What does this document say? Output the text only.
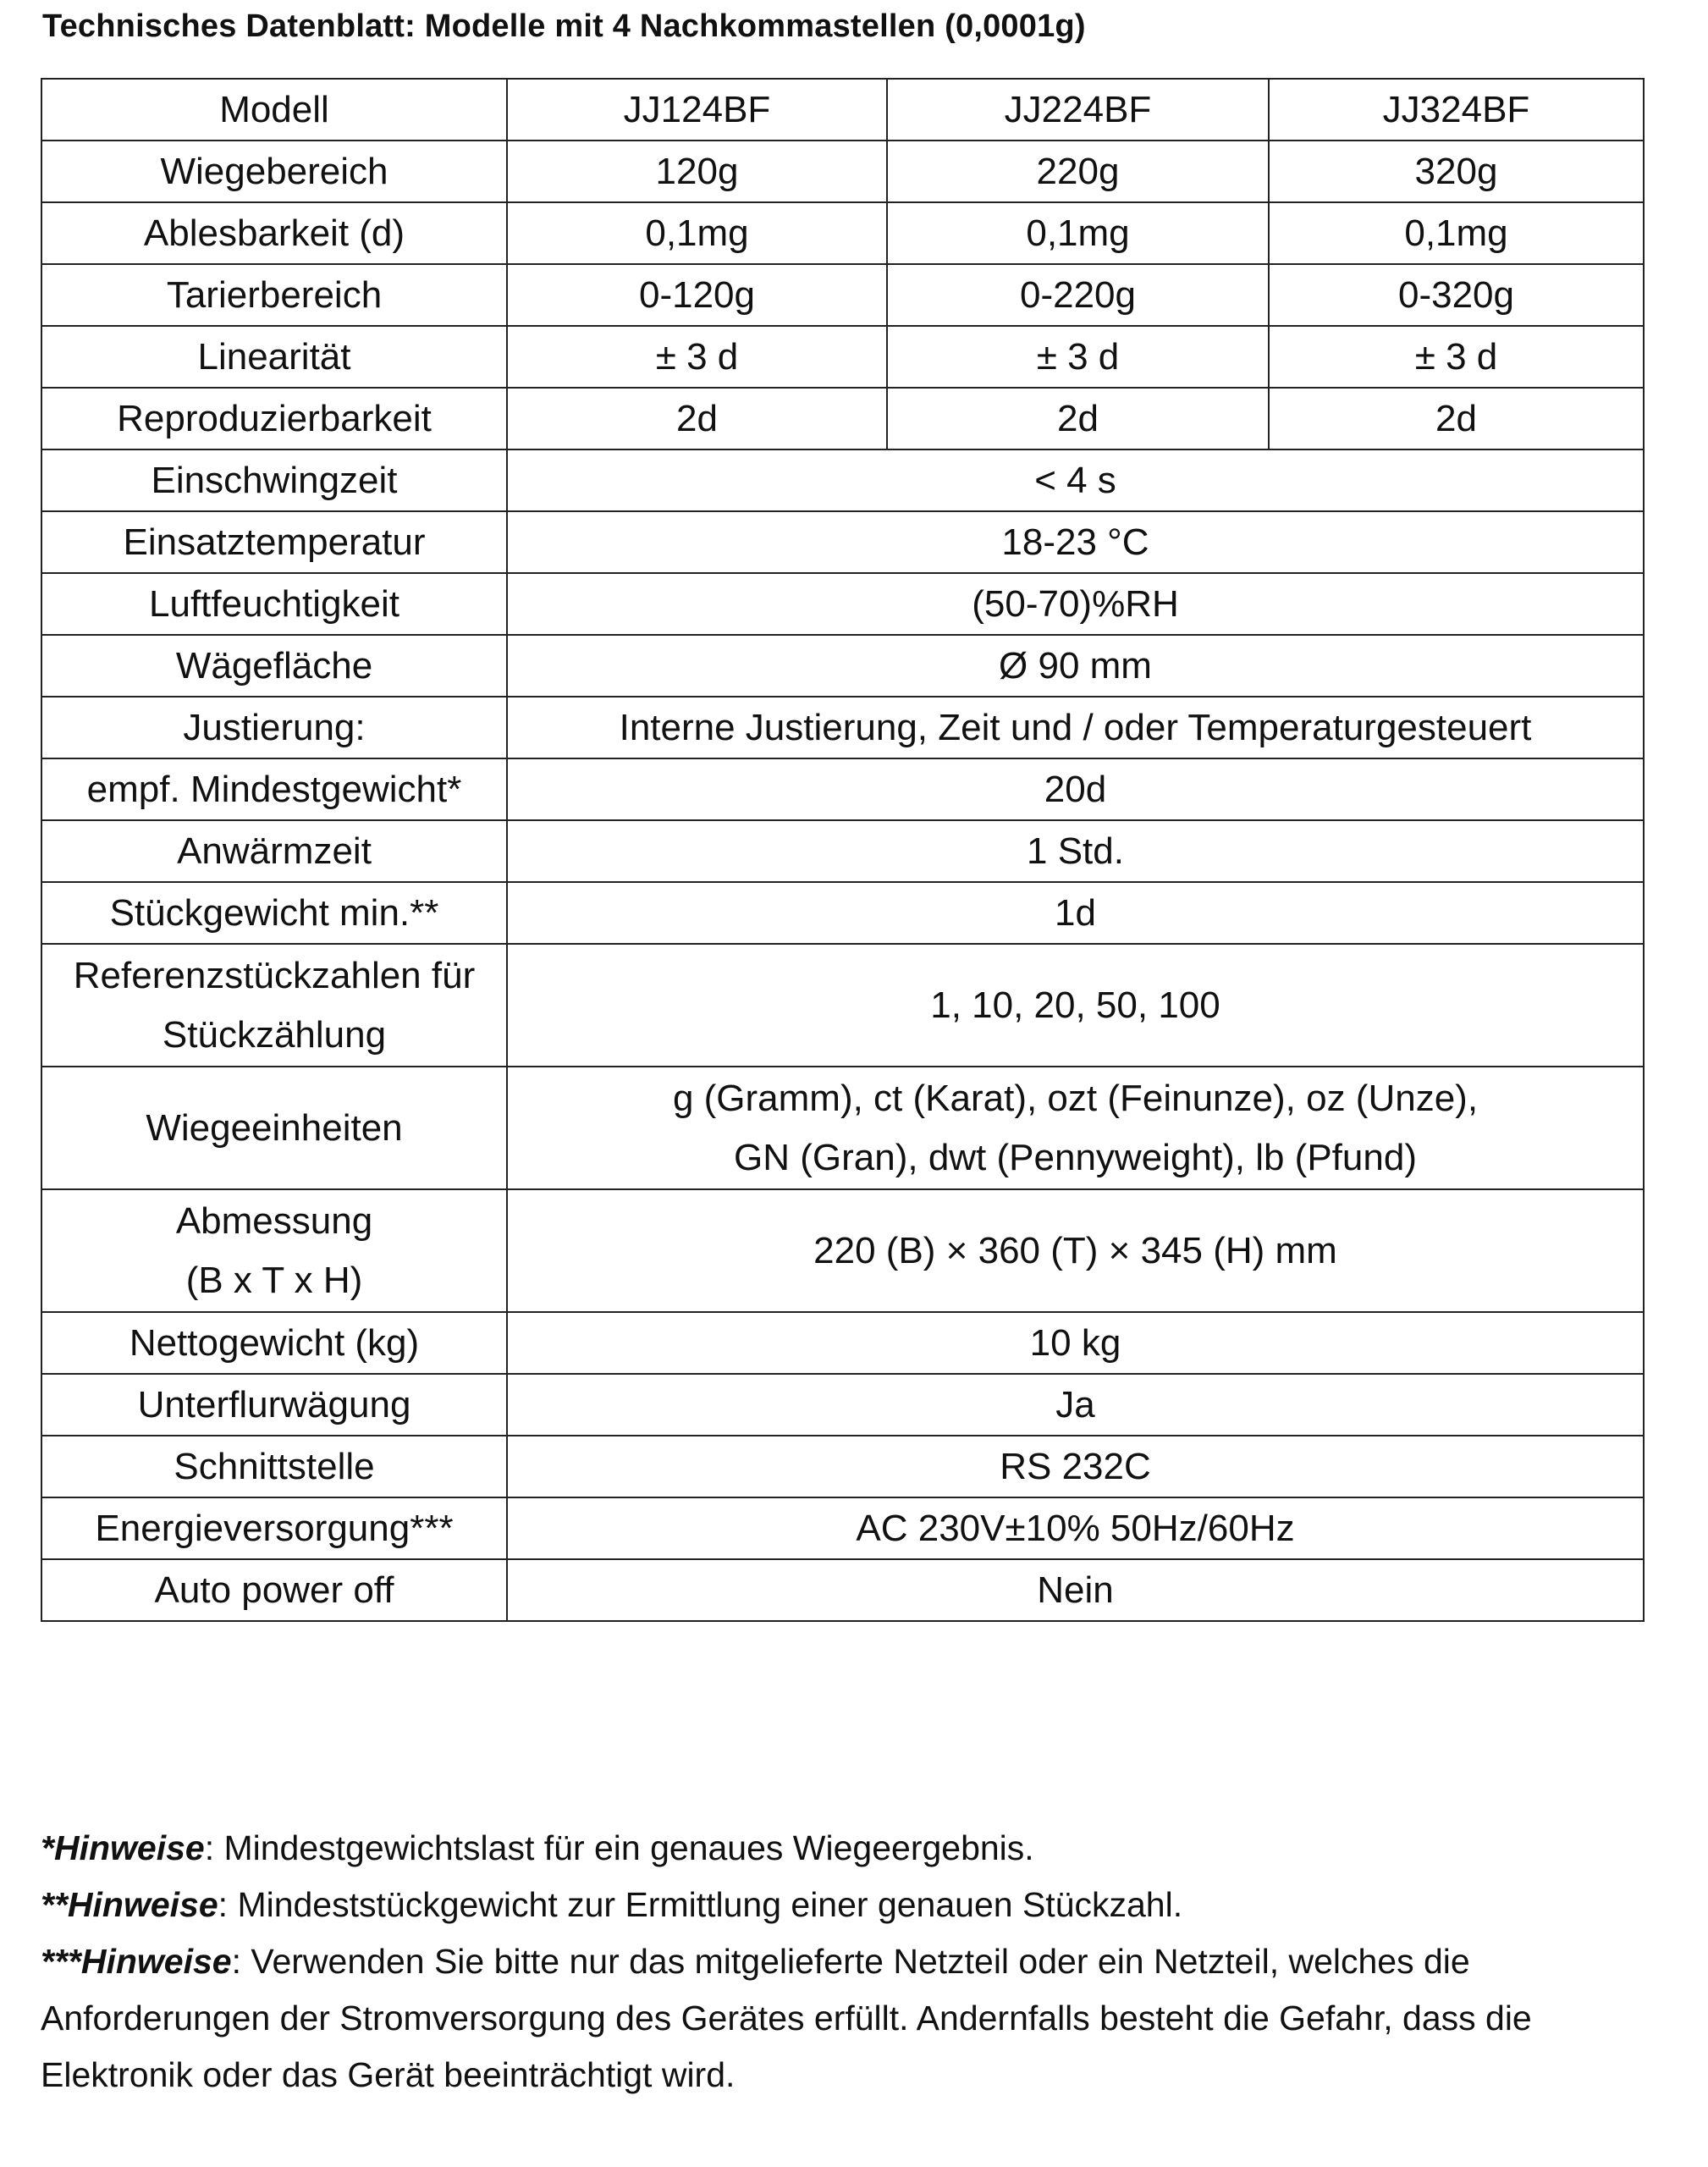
Technisches Datenblatt: Modelle mit 4 Nachkommastellen (0,0001g)
Modell	JJ124BF	JJ224BF	JJ324BF
Wiegebereich	120g	220g	320g
Ablesbarkeit (d)	0,1mg	0,1mg	0,1mg
Tarierbereich	0-120g	0-220g	0-320g
Linearität	± 3 d	± 3 d	± 3 d
Reproduzierbarkeit	2d	2d	2d
Einschwingzeit	< 4 s		
Einsatztemperatur	18-23 °C		
Luftfeuchtigkeit	(50-70)%RH		
Wägefläche	Ø 90 mm		
Justierung:	Interne Justierung, Zeit und / oder Temperaturgesteuert		
empf. Mindestgewicht*	20d		
Anwärmzeit	1 Std.		
Stückgewicht min.**	1d		

Referenzstückzahlen für
Stückzählung	1, 10, 20, 50, 100		
Wiegeeinheiten	g (Gramm), ct (Karat), ozt (Feinunze), oz (Unze),
GN (Gran), dwt (Pennyweight), lb (Pfund)		

Abmessung
(B x T x H)	220 (B) × 360 (T) × 345 (H) mm		
Nettogewicht (kg)	10 kg		
Unterflurwägung	Ja		
Schnittstelle	RS 232C		
Energieversorgung***	AC 230V±10% 50Hz/60Hz		
Auto power off	Nein		
*Hinweise: Mindestgewichtslast für ein genaues Wiegeergebnis.
**Hinweise: Mindeststückgewicht zur Ermittlung einer genauen Stückzahl.
***Hinweise: Verwenden Sie bitte nur das mitgelieferte Netzteil oder ein Netzteil, welches die Anforderungen der Stromversorgung des Gerätes erfüllt. Andernfalls besteht die Gefahr, dass die Elektronik oder das Gerät beeinträchtigt wird.
